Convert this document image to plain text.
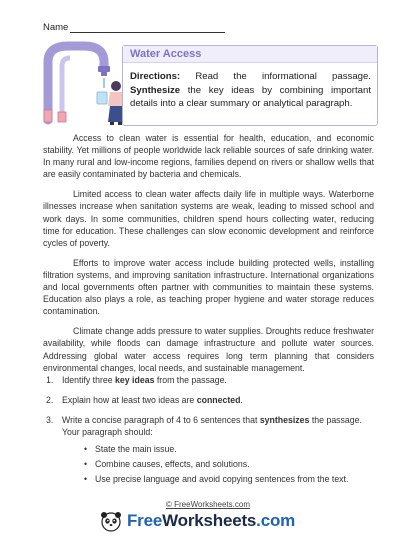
Name
Water Access
Directions: Read the informational passage. Synthesize the key ideas by combining important details into a clear summary or analytical paragraph.

Access to clean water is essential for health, education, and economic stability. Yet millions of people worldwide lack reliable sources of safe drinking water. In many rural and low-income regions, families depend on rivers or shallow wells that are easily contaminated by bacteria and chemicals.

Limited access to clean water affects daily life in multiple ways. Waterborne illnesses increase when sanitation systems are weak, leading to missed school and work days. In some communities, children spend hours collecting water, reducing time for education. These challenges can slow economic development and reinforce cycles of poverty.

Efforts to improve water access include building protected wells, installing filtration systems, and improving sanitation infrastructure. International organizations and local governments often partner with communities to maintain these systems. Education also plays a role, as teaching proper hygiene and water storage reduces contamination.

Climate change adds pressure to water supplies. Droughts reduce freshwater availability, while floods can damage infrastructure and pollute water sources. Addressing global water access requires long term planning that considers environmental changes, local needs, and sustainable management.

1. Identify three key ideas from the passage.
2. Explain how at least two ideas are connected.
3. Write a concise paragraph of 4 to 6 sentences that synthesizes the passage. Your paragraph should:
• State the main issue.
• Combine causes, effects, and solutions.
• Use precise language and avoid copying sentences from the text.
© FreeWorksheets.com
FreeWorksheets.com
